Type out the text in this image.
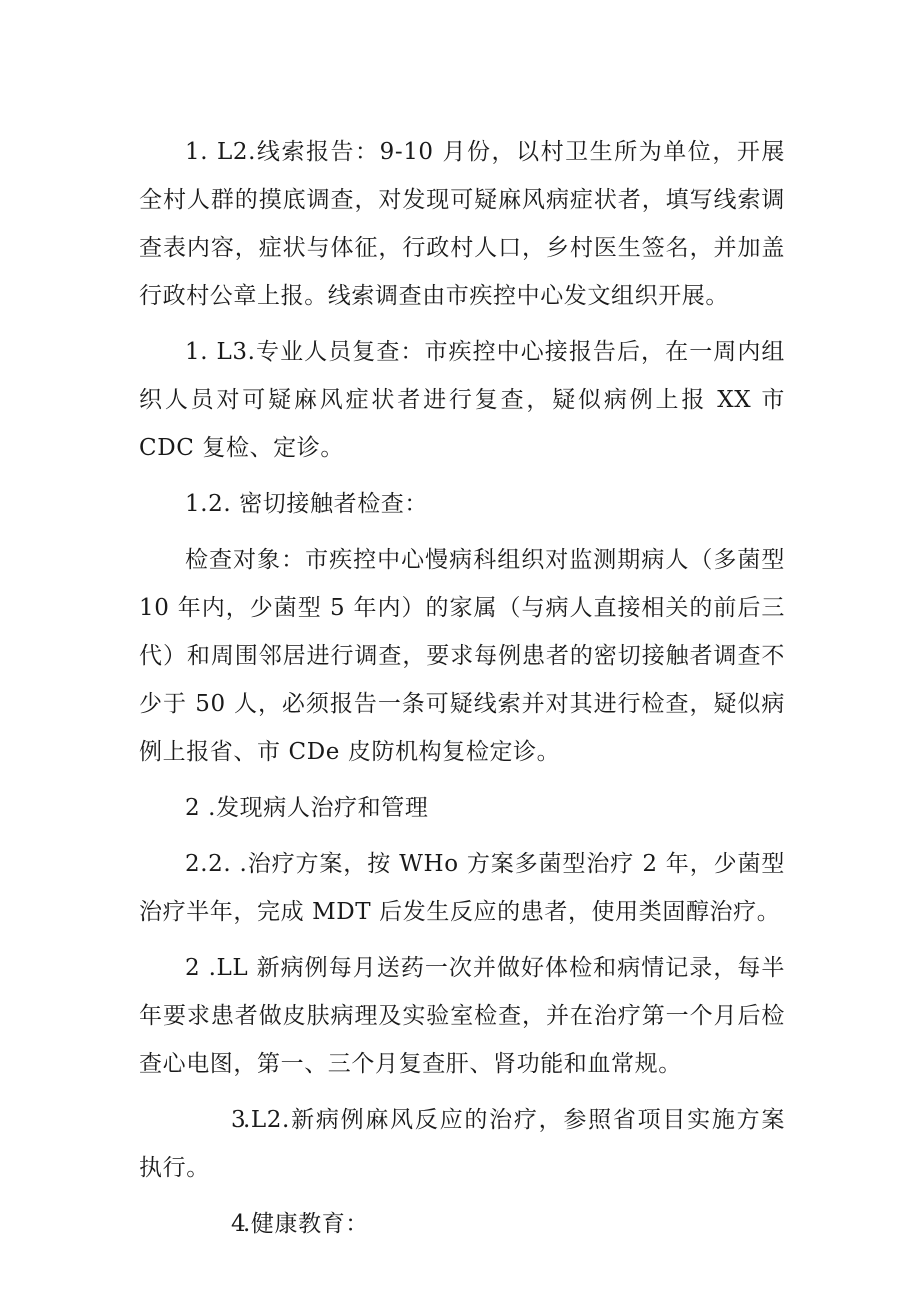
1. L2.线索报告：9-10 月份，以村卫生所为单位，开展全村人群的摸底调查，对发现可疑麻风病症状者，填写线索调查表内容，症状与体征，行政村人口，乡村医生签名，并加盖行政村公章上报。线索调查由市疾控中心发文组织开展。

1. L3.专业人员复查：市疾控中心接报告后，在一周内组织人员对可疑麻风症状者进行复查，疑似病例上报 XX 市 CDC 复检、定诊。

1.2. 密切接触者检查：

检查对象：市疾控中心慢病科组织对监测期病人（多菌型 10 年内，少菌型 5 年内）的家属（与病人直接相关的前后三代）和周围邻居进行调查，要求每例患者的密切接触者调查不少于 50 人，必须报告一条可疑线索并对其进行检查，疑似病例上报省、市 CDe 皮防机构复检定诊。

2 .发现病人治疗和管理

2.2. .治疗方案，按 WHo 方案多菌型治疗 2 年，少菌型治疗半年，完成 MDT 后发生反应的患者，使用类固醇治疗。

2 .LL 新病例每月送药一次并做好体检和病情记录，每半年要求患者做皮肤病理及实验室检查，并在治疗第一个月后检查心电图，第一、三个月复查肝、肾功能和血常规。

3.L2.新病例麻风反应的治疗，参照省项目实施方案执行。

4.健康教育：
